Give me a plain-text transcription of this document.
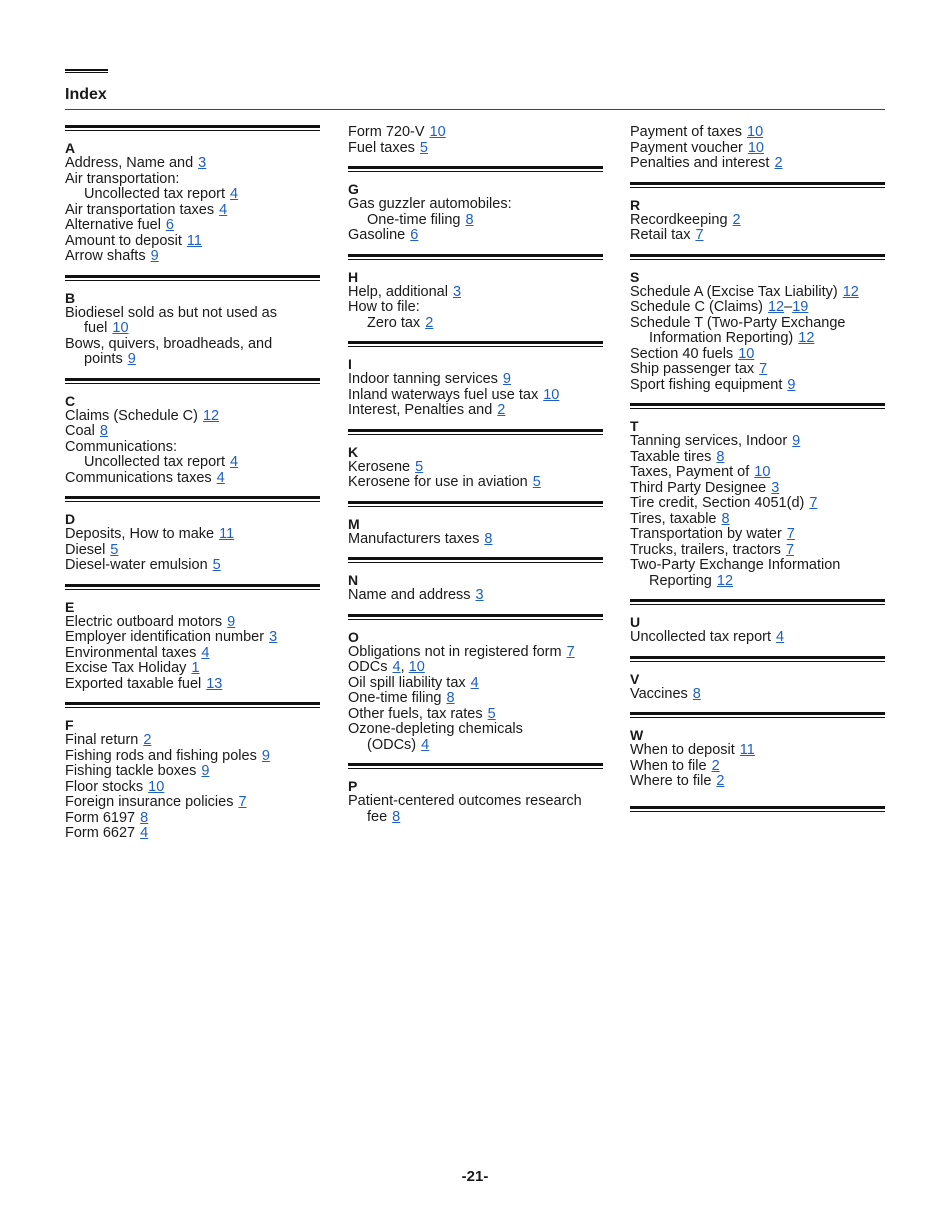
Index
A
Address, Name and 3
Air transportation:
Uncollected tax report 4
Air transportation taxes 4
Alternative fuel 6
Amount to deposit 11
Arrow shafts 9
B
Biodiesel sold as but not used as
fuel 10
Bows, quivers, broadheads, and
points 9
C
Claims (Schedule C) 12
Coal 8
Communications:
Uncollected tax report 4
Communications taxes 4
D
Deposits, How to make 11
Diesel 5
Diesel-water emulsion 5
E
Electric outboard motors 9
Employer identification number 3
Environmental taxes 4
Excise Tax Holiday 1
Exported taxable fuel 13
F
Final return 2
Fishing rods and fishing poles 9
Fishing tackle boxes 9
Floor stocks 10
Foreign insurance policies 7
Form 6197 8
Form 6627 4
Form 720-V 10
Fuel taxes 5
G
Gas guzzler automobiles:
One-time filing 8
Gasoline 6
H
Help, additional 3
How to file:
Zero tax 2
I
Indoor tanning services 9
Inland waterways fuel use tax 10
Interest, Penalties and 2
K
Kerosene 5
Kerosene for use in aviation 5
M
Manufacturers taxes 8
N
Name and address 3
O
Obligations not in registered form 7
ODCs 4, 10
Oil spill liability tax 4
One-time filing 8
Other fuels, tax rates 5
Ozone-depleting chemicals
(ODCs) 4
P
Patient-centered outcomes research
fee 8
Payment of taxes 10
Payment voucher 10
Penalties and interest 2
R
Recordkeeping 2
Retail tax 7
S
Schedule A (Excise Tax Liability) 12
Schedule C (Claims) 12–19
Schedule T (Two-Party Exchange
Information Reporting) 12
Section 40 fuels 10
Ship passenger tax 7
Sport fishing equipment 9
T
Tanning services, Indoor 9
Taxable tires 8
Taxes, Payment of 10
Third Party Designee 3
Tire credit, Section 4051(d) 7
Tires, taxable 8
Transportation by water 7
Trucks, trailers, tractors 7
Two-Party Exchange Information
Reporting 12
U
Uncollected tax report 4
V
Vaccines 8
W
When to deposit 11
When to file 2
Where to file 2
-21-
